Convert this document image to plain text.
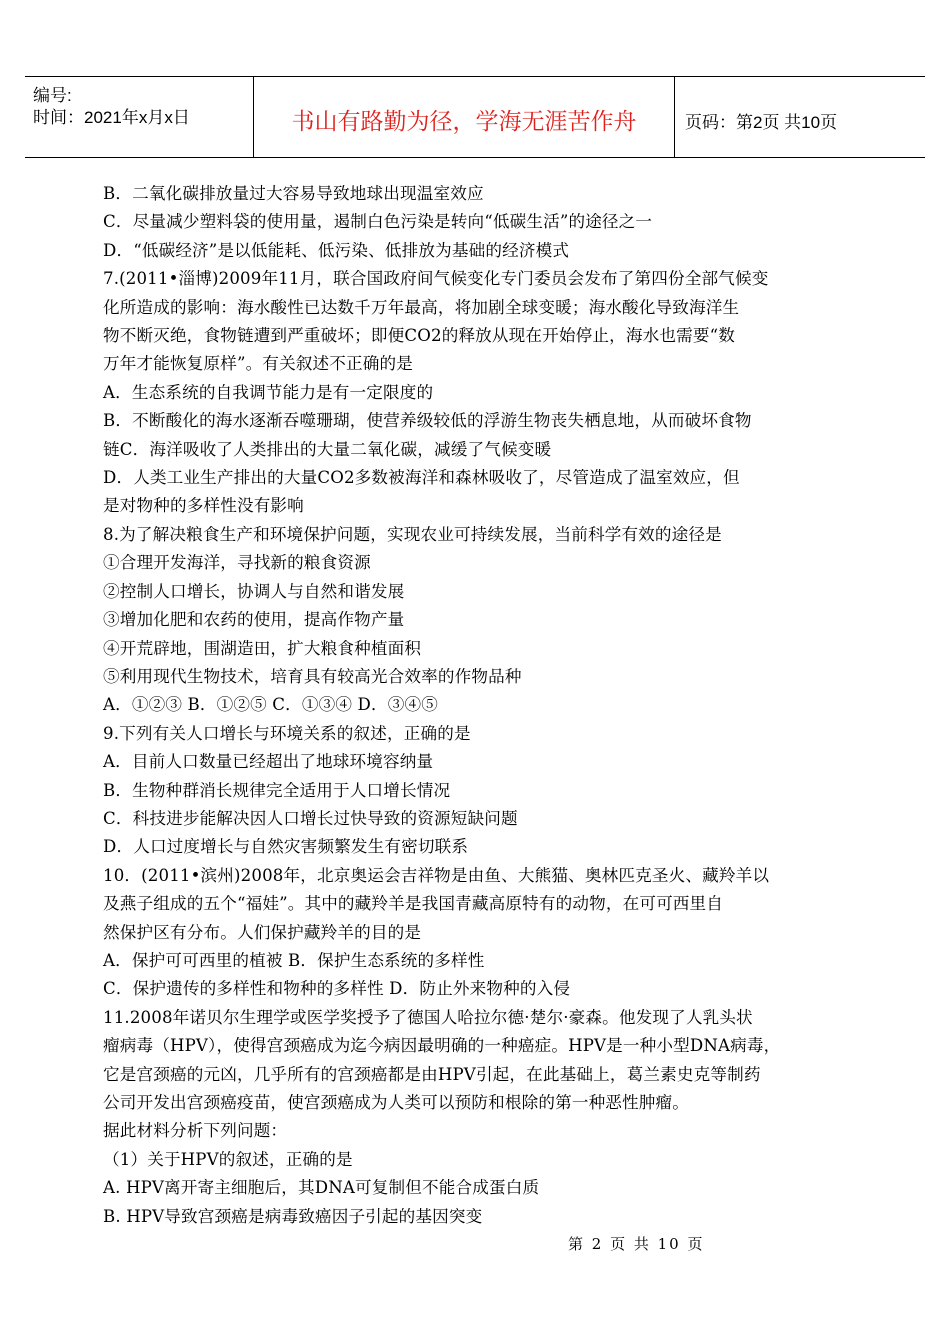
编号:
时间：2021年x月x日	书山有路勤为径，学海无涯苦作舟	页码：第2页 共10页

B．二氧化碳排放量过大容易导致地球出现温室效应

C．尽量减少塑料袋的使用量，遏制白色污染是转向“低碳生活”的途径之一

D．“低碳经济”是以低能耗、低污染、低排放为基础的经济模式

7.(2011•淄博)2009年11月，联合国政府间气候变化专门委员会发布了第四份全部气候变

化所造成的影响：海水酸性已达数千万年最高，将加剧全球变暖；海水酸化导致海洋生

物不断灭绝，食物链遭到严重破坏；即便CO2的释放从现在开始停止，海水也需要“数

万年才能恢复原样”。有关叙述不正确的是

A．生态系统的自我调节能力是有一定限度的

B．不断酸化的海水逐渐吞噬珊瑚，使营养级较低的浮游生物丧失栖息地，从而破坏食物

链C．海洋吸收了人类排出的大量二氧化碳，减缓了气候变暖

D．人类工业生产排出的大量CO2多数被海洋和森林吸收了，尽管造成了温室效应，但

是对物种的多样性没有影响

8.为了解决粮食生产和环境保护问题，实现农业可持续发展，当前科学有效的途径是

①合理开发海洋，寻找新的粮食资源

②控制人口增长，协调人与自然和谐发展

③增加化肥和农药的使用，提高作物产量

④开荒辟地，围湖造田，扩大粮食种植面积

⑤利用现代生物技术，培育具有较高光合效率的作物品种

A．①②③ B．①②⑤ C．①③④ D．③④⑤

9.下列有关人口增长与环境关系的叙述，正确的是

A．目前人口数量已经超出了地球环境容纳量

B．生物种群消长规律完全适用于人口增长情况

C．科技进步能解决因人口增长过快导致的资源短缺问题

D．人口过度增长与自然灾害频繁发生有密切联系

10．(2011•滨州)2008年，北京奥运会吉祥物是由鱼、大熊猫、奥林匹克圣火、藏羚羊以

及燕子组成的五个“福娃”。其中的藏羚羊是我国青藏高原特有的动物，在可可西里自

然保护区有分布。人们保护藏羚羊的目的是

A．保护可可西里的植被 B．保护生态系统的多样性

C．保护遗传的多样性和物种的多样性 D．防止外来物种的入侵

11.2008年诺贝尔生理学或医学奖授予了德国人哈拉尔德·楚尔·豪森。他发现了人乳头状

瘤病毒（HPV），使得宫颈癌成为迄今病因最明确的一种癌症。HPV是一种小型DNA病毒，

它是宫颈癌的元凶，几乎所有的宫颈癌都是由HPV引起，在此基础上，葛兰素史克等制药

公司开发出宫颈癌疫苗，使宫颈癌成为人类可以预防和根除的第一种恶性肿瘤。

据此材料分析下列问题：

（1）关于HPV的叙述，正确的是

A. HPV离开寄主细胞后，其DNA可复制但不能合成蛋白质

B. HPV导致宫颈癌是病毒致癌因子引起的基因突变

第 2 页 共 10 页
